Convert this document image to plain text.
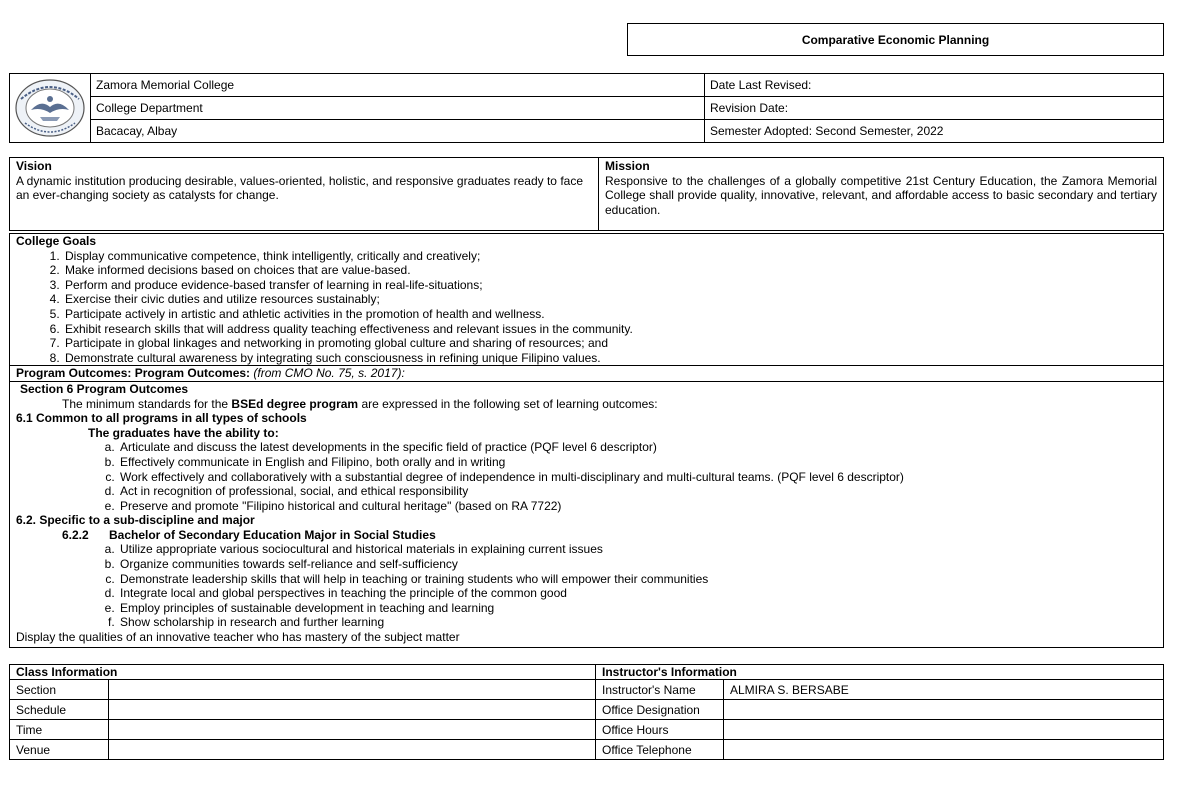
Comparative Economic Planning
	Zamora Memorial College	Date Last Revised:
	College Department	Revision Date:
	Bacacay, Albay	Semester Adopted: Second Semester, 2022
Vision
A dynamic institution producing desirable, values-oriented, holistic, and responsive graduates ready to face an ever-changing society as catalysts for change.

Mission
Responsive to the challenges of a globally competitive 21st Century Education, the Zamora Memorial College shall provide quality, innovative, relevant, and affordable access to basic secondary and tertiary education.
College Goals
1. Display communicative competence, think intelligently, critically and creatively;
2. Make informed decisions based on choices that are value-based.
3. Perform and produce evidence-based transfer of learning in real-life-situations;
4. Exercise their civic duties and utilize resources sustainably;
5. Participate actively in artistic and athletic activities in the promotion of health and wellness.
6. Exhibit research skills that will address quality teaching effectiveness and relevant issues in the community.
7. Participate in global linkages and networking in promoting global culture and sharing of resources; and
8. Demonstrate cultural awareness by integrating such consciousness in refining unique Filipino values.
Program Outcomes: Program Outcomes: (from CMO No. 75, s. 2017):
Section 6 Program Outcomes
The minimum standards for the BSEd degree program are expressed in the following set of learning outcomes:
6.1 Common to all programs in all types of schools
The graduates have the ability to:
a. Articulate and discuss the latest developments in the specific field of practice (PQF level 6 descriptor)
b. Effectively communicate in English and Filipino, both orally and in writing
c. Work effectively and collaboratively with a substantial degree of independence in multi-disciplinary and multi-cultural teams. (PQF level 6 descriptor)
d. Act in recognition of professional, social, and ethical responsibility
e. Preserve and promote "Filipino historical and cultural heritage" (based on RA 7722)
6.2. Specific to a sub-discipline and major
6.2.2 Bachelor of Secondary Education Major in Social Studies
a. Utilize appropriate various sociocultural and historical materials in explaining current issues
b. Organize communities towards self-reliance and self-sufficiency
c. Demonstrate leadership skills that will help in teaching or training students who will empower their communities
d. Integrate local and global perspectives in teaching the principle of the common good
e. Employ principles of sustainable development in teaching and learning
f. Show scholarship in research and further learning
Display the qualities of an innovative teacher who has mastery of the subject matter
Class Information		Instructor's Information	
Section		Instructor's Name	ALMIRA S. BERSABE
Schedule		Office Designation	
Time		Office Hours	
Venue		Office Telephone	
